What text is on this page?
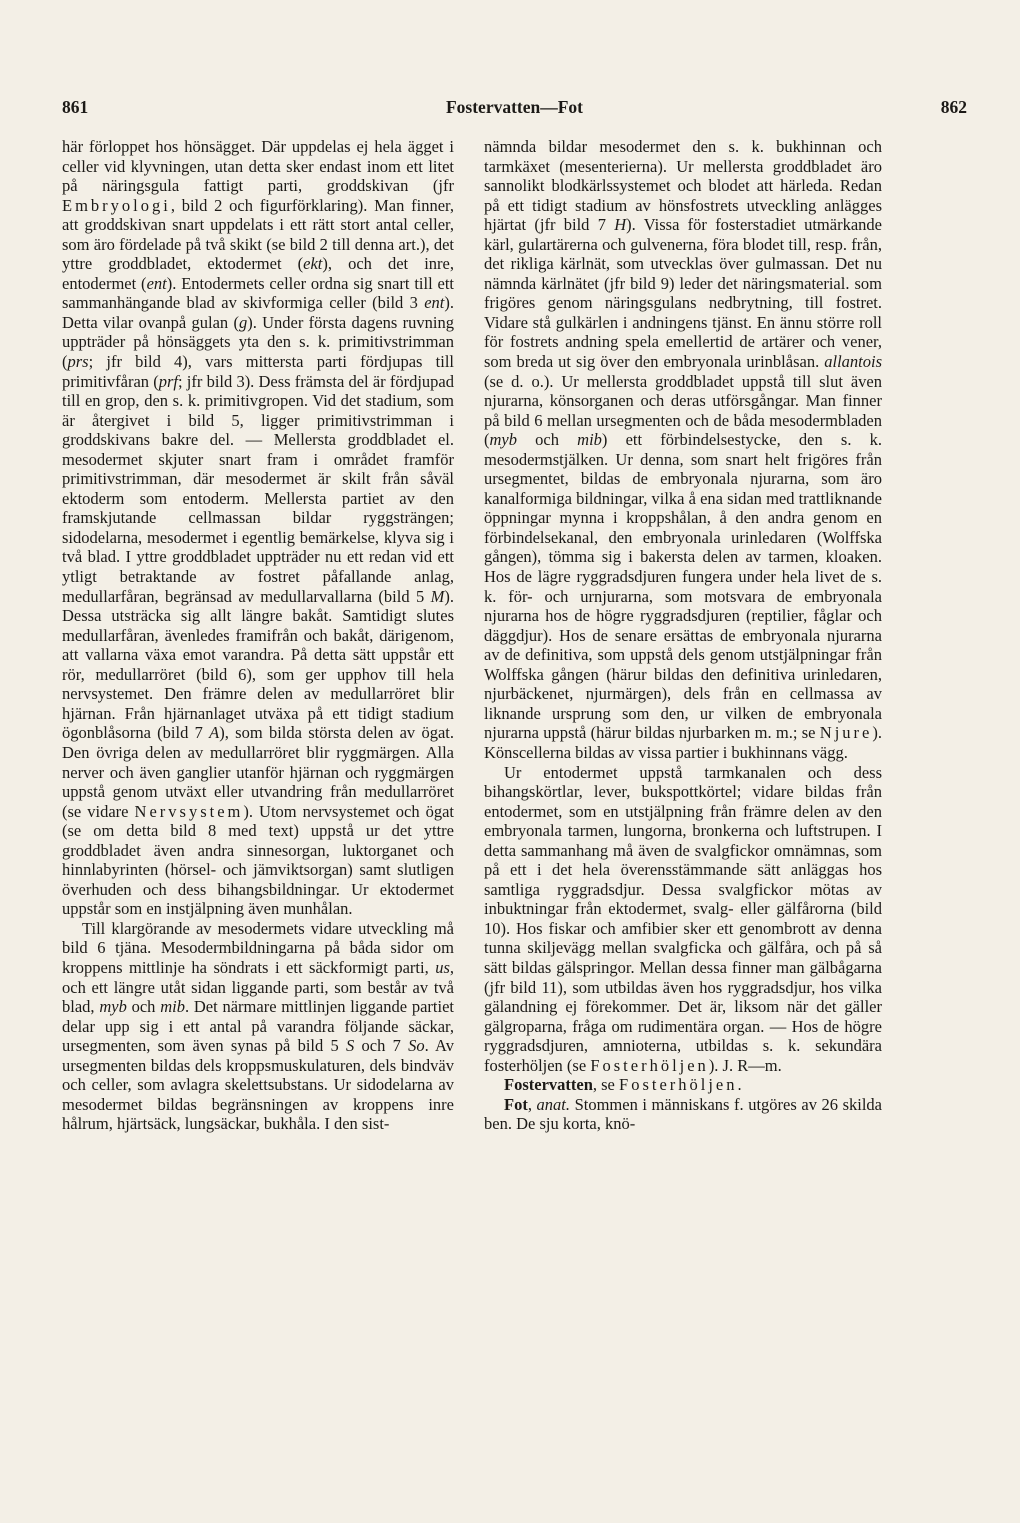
861	Fostervatten—Fot	862

här förloppet hos hönsägget. Där uppdelas ej hela ägget i celler vid klyvningen, utan detta sker endast inom ett litet på näringsgula fattigt parti, groddskivan (jfr Embryologi, bild 2 och figurförklaring). Man finner, att groddskivan snart uppdelats i ett rätt stort antal celler, som äro fördelade på två skikt (se bild 2 till denna art.), det yttre groddbladet, ektodermet (ekt), och det inre, entodermet (ent). Entodermets celler ordna sig snart till ett sammanhängande blad av skivformiga celler (bild 3 ent). Detta vilar ovanpå gulan (g). Under första dagens ruvning uppträder på hönsäggets yta den s. k. primitivstrimman (prs; jfr bild 4), vars mittersta parti fördjupas till primitivfåran (prf; jfr bild 3). Dess främsta del är fördjupad till en grop, den s. k. primitivgropen. Vid det stadium, som är återgivet i bild 5, ligger primitivstrimman i groddskivans bakre del. — Mellersta groddbladet el. mesodermet skjuter snart fram i området framför primitivstrimman, där mesodermet är skilt från såväl ektoderm som entoderm. Mellersta partiet av den framskjutande cellmassan bildar ryggsträngen; sidodelarna, mesodermet i egentlig bemärkelse, klyva sig i två blad. I yttre groddbladet uppträder nu ett redan vid ett ytligt betraktande av fostret påfallande anlag, medullarfåran, begränsad av medullarvallarna (bild 5 M). Dessa utsträcka sig allt längre bakåt. Samtidigt slutes medullarfåran, ävenledes framifrån och bakåt, därigenom, att vallarna växa emot varandra. På detta sätt uppstår ett rör, medullarröret (bild 6), som ger upphov till hela nervsystemet. Den främre delen av medullarröret blir hjärnan. Från hjärnanlaget utväxa på ett tidigt stadium ögonblåsorna (bild 7 A), som bilda största delen av ögat. Den övriga delen av medullarröret blir ryggmärgen. Alla nerver och även ganglier utanför hjärnan och ryggmärgen uppstå genom utväxt eller utvandring från medullarröret (se vidare Nervsystem). Utom nervsystemet och ögat (se om detta bild 8 med text) uppstå ur det yttre groddbladet även andra sinnesorgan, luktorganet och hinnlabyrinten (hörsel- och jämviktsorgan) samt slutligen överhuden och dess bihangsbildningar. Ur ektodermet uppstår som en instjälpning även munhålan.

Till klargörande av mesodermets vidare utveckling må bild 6 tjäna. Mesodermbildningarna på båda sidor om kroppens mittlinje ha söndrats i ett säckformigt parti, us, och ett längre utåt sidan liggande parti, som består av två blad, myb och mib. Det närmare mittlinjen liggande partiet delar upp sig i ett antal på varandra följande säckar, ursegmenten, som även synas på bild 5 S och 7 So. Av ursegmenten bildas dels kroppsmuskulaturen, dels bindväv och celler, som avlagra skelettsubstans. Ur sidodelarna av mesodermet bildas begränsningen av kroppens inre hålrum, hjärtsäck, lungsäckar, bukhåla. I den sist-

nämnda bildar mesodermet den s. k. bukhinnan och tarmkäxet (mesenterierna). Ur mellersta groddbladet äro sannolikt blodkärlssystemet och blodet att härleda. Redan på ett tidigt stadium av hönsfostrets utveckling anlägges hjärtat (jfr bild 7 H). Vissa för fosterstadiet utmärkande kärl, gulartärerna och gulvenerna, föra blodet till, resp. från, det rikliga kärlnät, som utvecklas över gulmassan. Det nu nämnda kärlnätet (jfr bild 9) leder det näringsmaterial. som frigöres genom näringsgulans nedbrytning, till fostret. Vidare stå gulkärlen i andningens tjänst. En ännu större roll för fostrets andning spela emellertid de artärer och vener, som breda ut sig över den embryonala urinblåsan. allantois (se d. o.). Ur mellersta groddbladet uppstå till slut även njurarna, könsorganen och deras utförsgångar. Man finner på bild 6 mellan ursegmenten och de båda mesodermbladen (myb och mib) ett förbindelsestycke, den s. k. mesodermstjälken. Ur denna, som snart helt frigöres från ursegmentet, bildas de embryonala njurarna, som äro kanalformiga bildningar, vilka å ena sidan med trattliknande öppningar mynna i kroppshålan, å den andra genom en förbindelsekanal, den embryonala urinledaren (Wolffska gången), tömma sig i bakersta delen av tarmen, kloaken. Hos de lägre ryggradsdjuren fungera under hela livet de s. k. för- och urnjurarna, som motsvara de embryonala njurarna hos de högre ryggradsdjuren (reptilier, fåglar och däggdjur). Hos de senare ersättas de embryonala njurarna av de definitiva, som uppstå dels genom utstjälpningar från Wolffska gången (härur bildas den definitiva urinledaren, njurbäckenet, njurmärgen), dels från en cellmassa av liknande ursprung som den, ur vilken de embryonala njurarna uppstå (härur bildas njurbarken m. m.; se Njure). Könscellerna bildas av vissa partier i bukhinnans vägg.

Ur entodermet uppstå tarmkanalen och dess bihangskörtlar, lever, bukspottkörtel; vidare bildas från entodermet, som en utstjälpning från främre delen av den embryonala tarmen, lungorna, bronkerna och luftstrupen. I detta sammanhang må även de svalgfickor omnämnas, som på ett i det hela överensstämmande sätt anläggas hos samtliga ryggradsdjur. Dessa svalgfickor mötas av inbuktningar från ektodermet, svalg- eller gälfårorna (bild 10). Hos fiskar och amfibier sker ett genombrott av denna tunna skiljevägg mellan svalgficka och gälfåra, och på så sätt bildas gälspringor. Mellan dessa finner man gälbågarna (jfr bild 11), som utbildas även hos ryggradsdjur, hos vilka gälandning ej förekommer. Det är, liksom när det gäller gälgroparna, fråga om rudimentära organ. — Hos de högre ryggradsdjuren, amnioterna, utbildas s. k. sekundära fosterhöljen (se Fosterhöljen). J. R—m.

Fostervatten, se Fosterhöljen.

Fot, anat. Stommen i människans f. utgöres av 26 skilda ben. De sju korta, knö-
